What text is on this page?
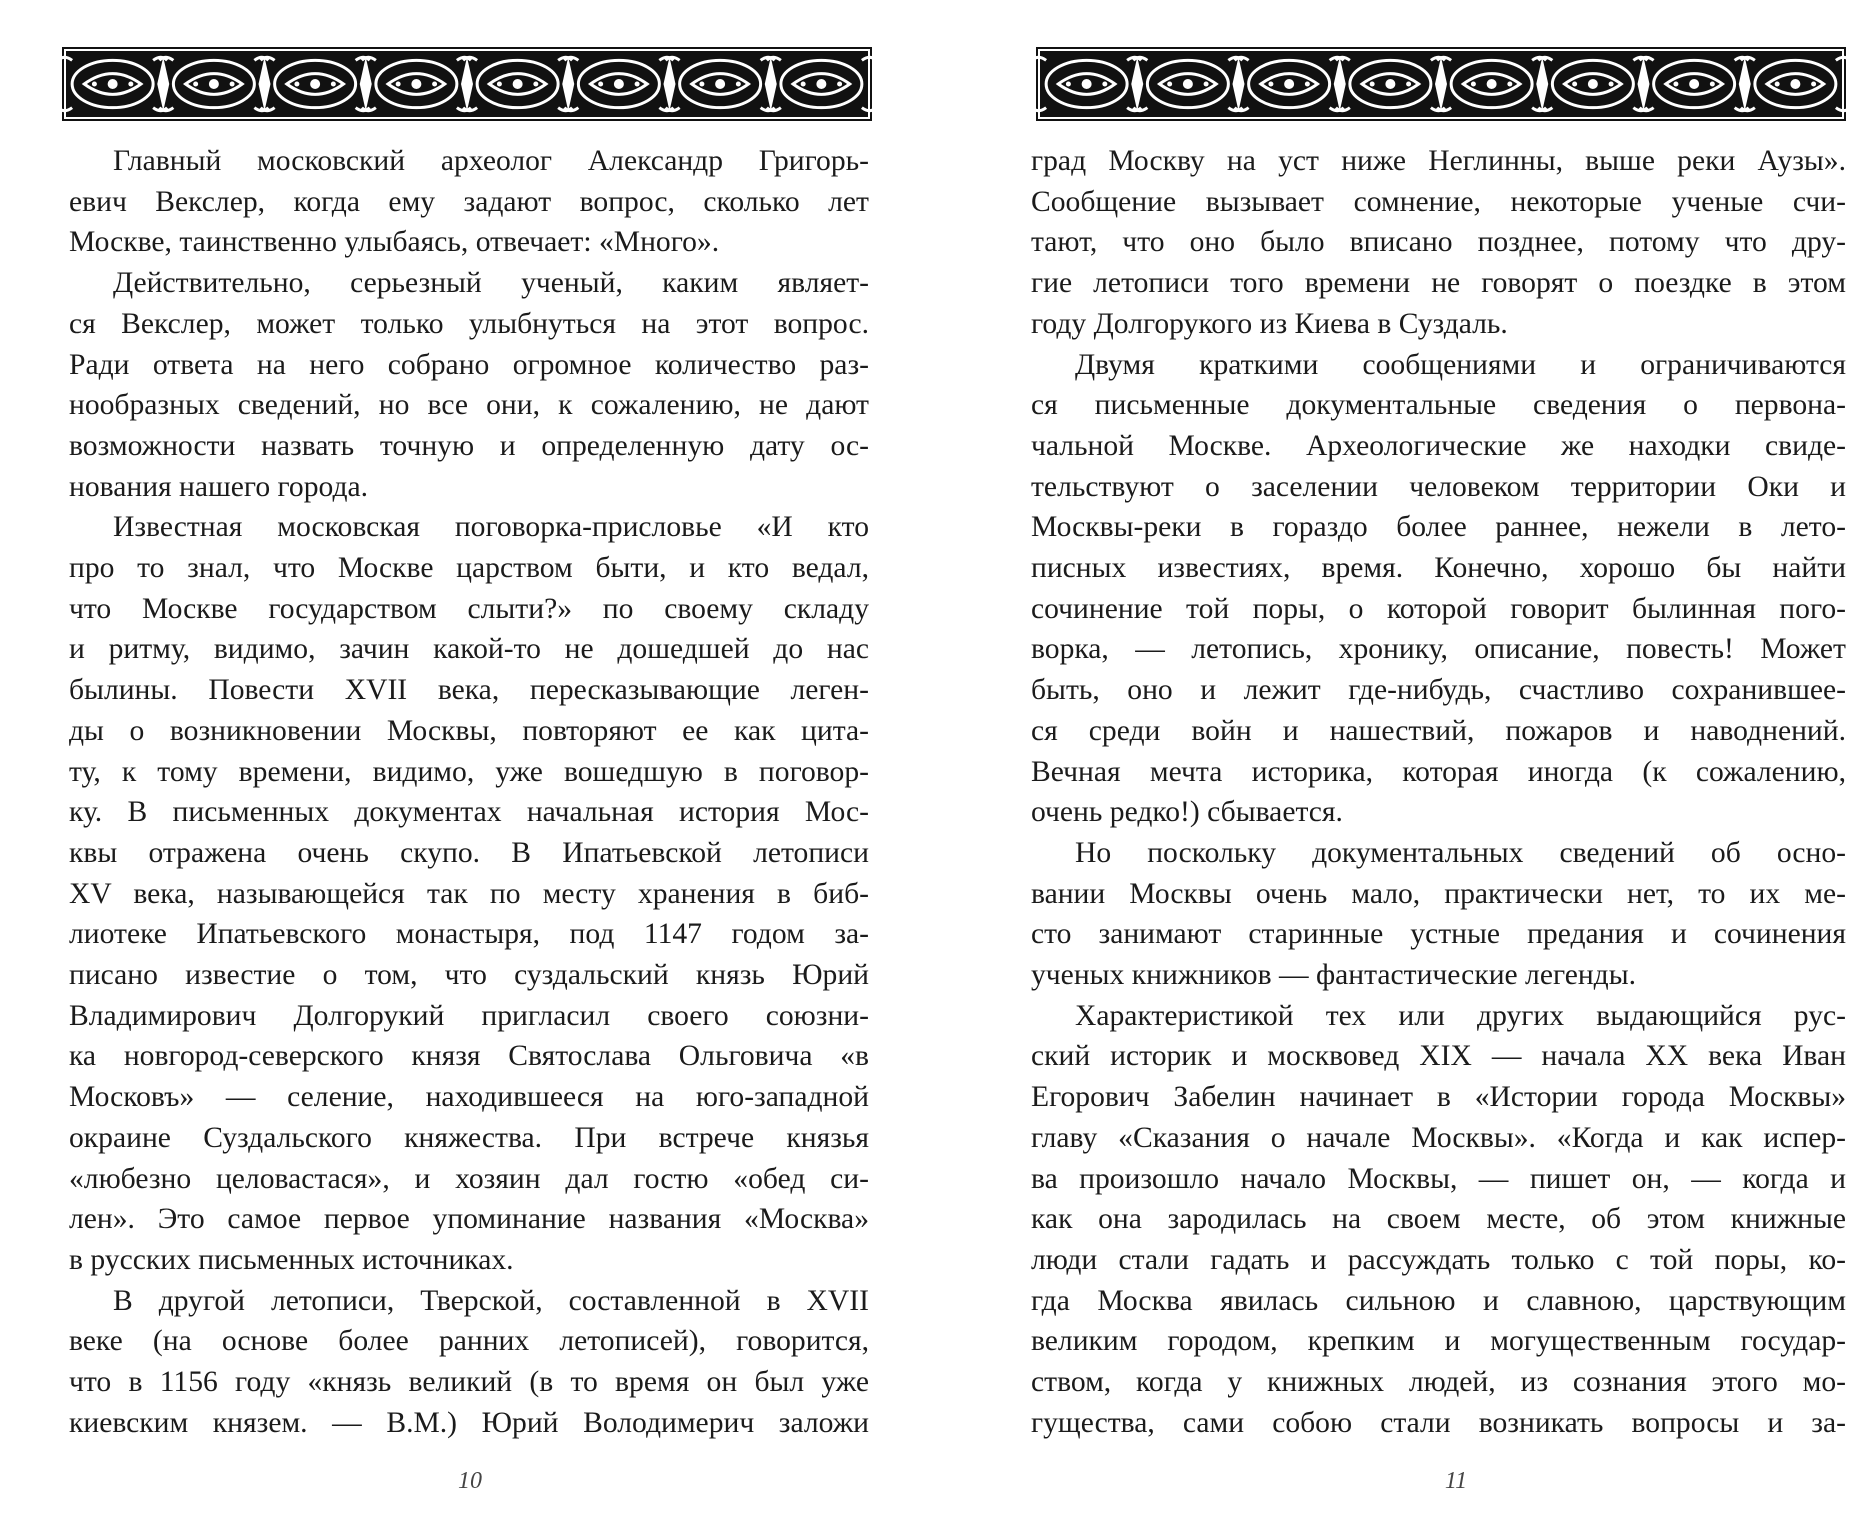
Главный московский археолог Александр Григорь-
евич Векслер, когда ему задают вопрос, сколько лет
Москве, таинственно улыбаясь, отвечает: «Много».
Действительно, серьезный ученый, каким являет-
ся Векслер, может только улыбнуться на этот вопрос.
Ради ответа на него собрано огромное количество раз-
нообразных сведений, но все они, к сожалению, не дают
возможности назвать точную и определенную дату ос-
нования нашего города.
Известная московская поговорка-присловье «И кто
про то знал, что Москве царством быти, и кто ведал,
что Москве государством слыти?» по своему складу
и ритму, видимо, зачин какой-то не дошедшей до нас
былины. Повести XVII века, пересказывающие леген-
ды о возникновении Москвы, повторяют ее как цита-
ту, к тому времени, видимо, уже вошедшую в поговор-
ку. В письменных документах начальная история Мос-
квы отражена очень скупо. В Ипатьевской летописи
XV века, называющейся так по месту хранения в биб-
лиотеке Ипатьевского монастыря, под 1147 годом за-
писано известие о том, что суздальский князь Юрий
Владимирович Долгорукий пригласил своего союзни-
ка новгород-северского князя Святослава Ольговича «в
Московъ» — селение, находившееся на юго-западной
окраине Суздальского княжества. При встрече князья
«любезно целовастася», и хозяин дал гостю «обед си-
лен». Это самое первое упоминание названия «Москва»
в русских письменных источниках.
В другой летописи, Тверской, составленной в XVII
веке (на основе более ранних летописей), говорится,
что в 1156 году «князь великий (в то время он был уже
киевским князем. — В.М.) Юрий Володимерич заложи
10
град Москву на уст ниже Неглинны, выше реки Аузы».
Сообщение вызывает сомнение, некоторые ученые счи-
тают, что оно было вписано позднее, потому что дру-
гие летописи того времени не говорят о поездке в этом
году Долгорукого из Киева в Суздаль.
Двумя краткими сообщениями и ограничиваются
ся письменные документальные сведения о первона-
чальной Москве. Археологические же находки свиде-
тельствуют о заселении человеком территории Оки и
Москвы-реки в гораздо более раннее, нежели в лето-
писных известиях, время. Конечно, хорошо бы найти
сочинение той поры, о которой говорит былинная пого-
ворка, — летопись, хронику, описание, повесть! Может
быть, оно и лежит где-нибудь, счастливо сохранившее-
ся среди войн и нашествий, пожаров и наводнений.
Вечная мечта историка, которая иногда (к сожалению,
очень редко!) сбывается.
Но поскольку документальных сведений об осно-
вании Москвы очень мало, практически нет, то их ме-
сто занимают старинные устные предания и сочинения
ученых книжников — фантастические легенды.
Характеристикой тех или других выдающийся рус-
ский историк и москвовед XIX — начала XX века Иван
Егорович Забелин начинает в «Истории города Москвы»
главу «Сказания о начале Москвы». «Когда и как испер-
ва произошло начало Москвы, — пишет он, — когда и
как она зародилась на своем месте, об этом книжные
люди стали гадать и рассуждать только с той поры, ко-
гда Москва явилась сильною и славною, царствующим
великим городом, крепким и могущественным государ-
ством, когда у книжных людей, из сознания этого мо-
гущества, сами собою стали возникать вопросы и за-
11
